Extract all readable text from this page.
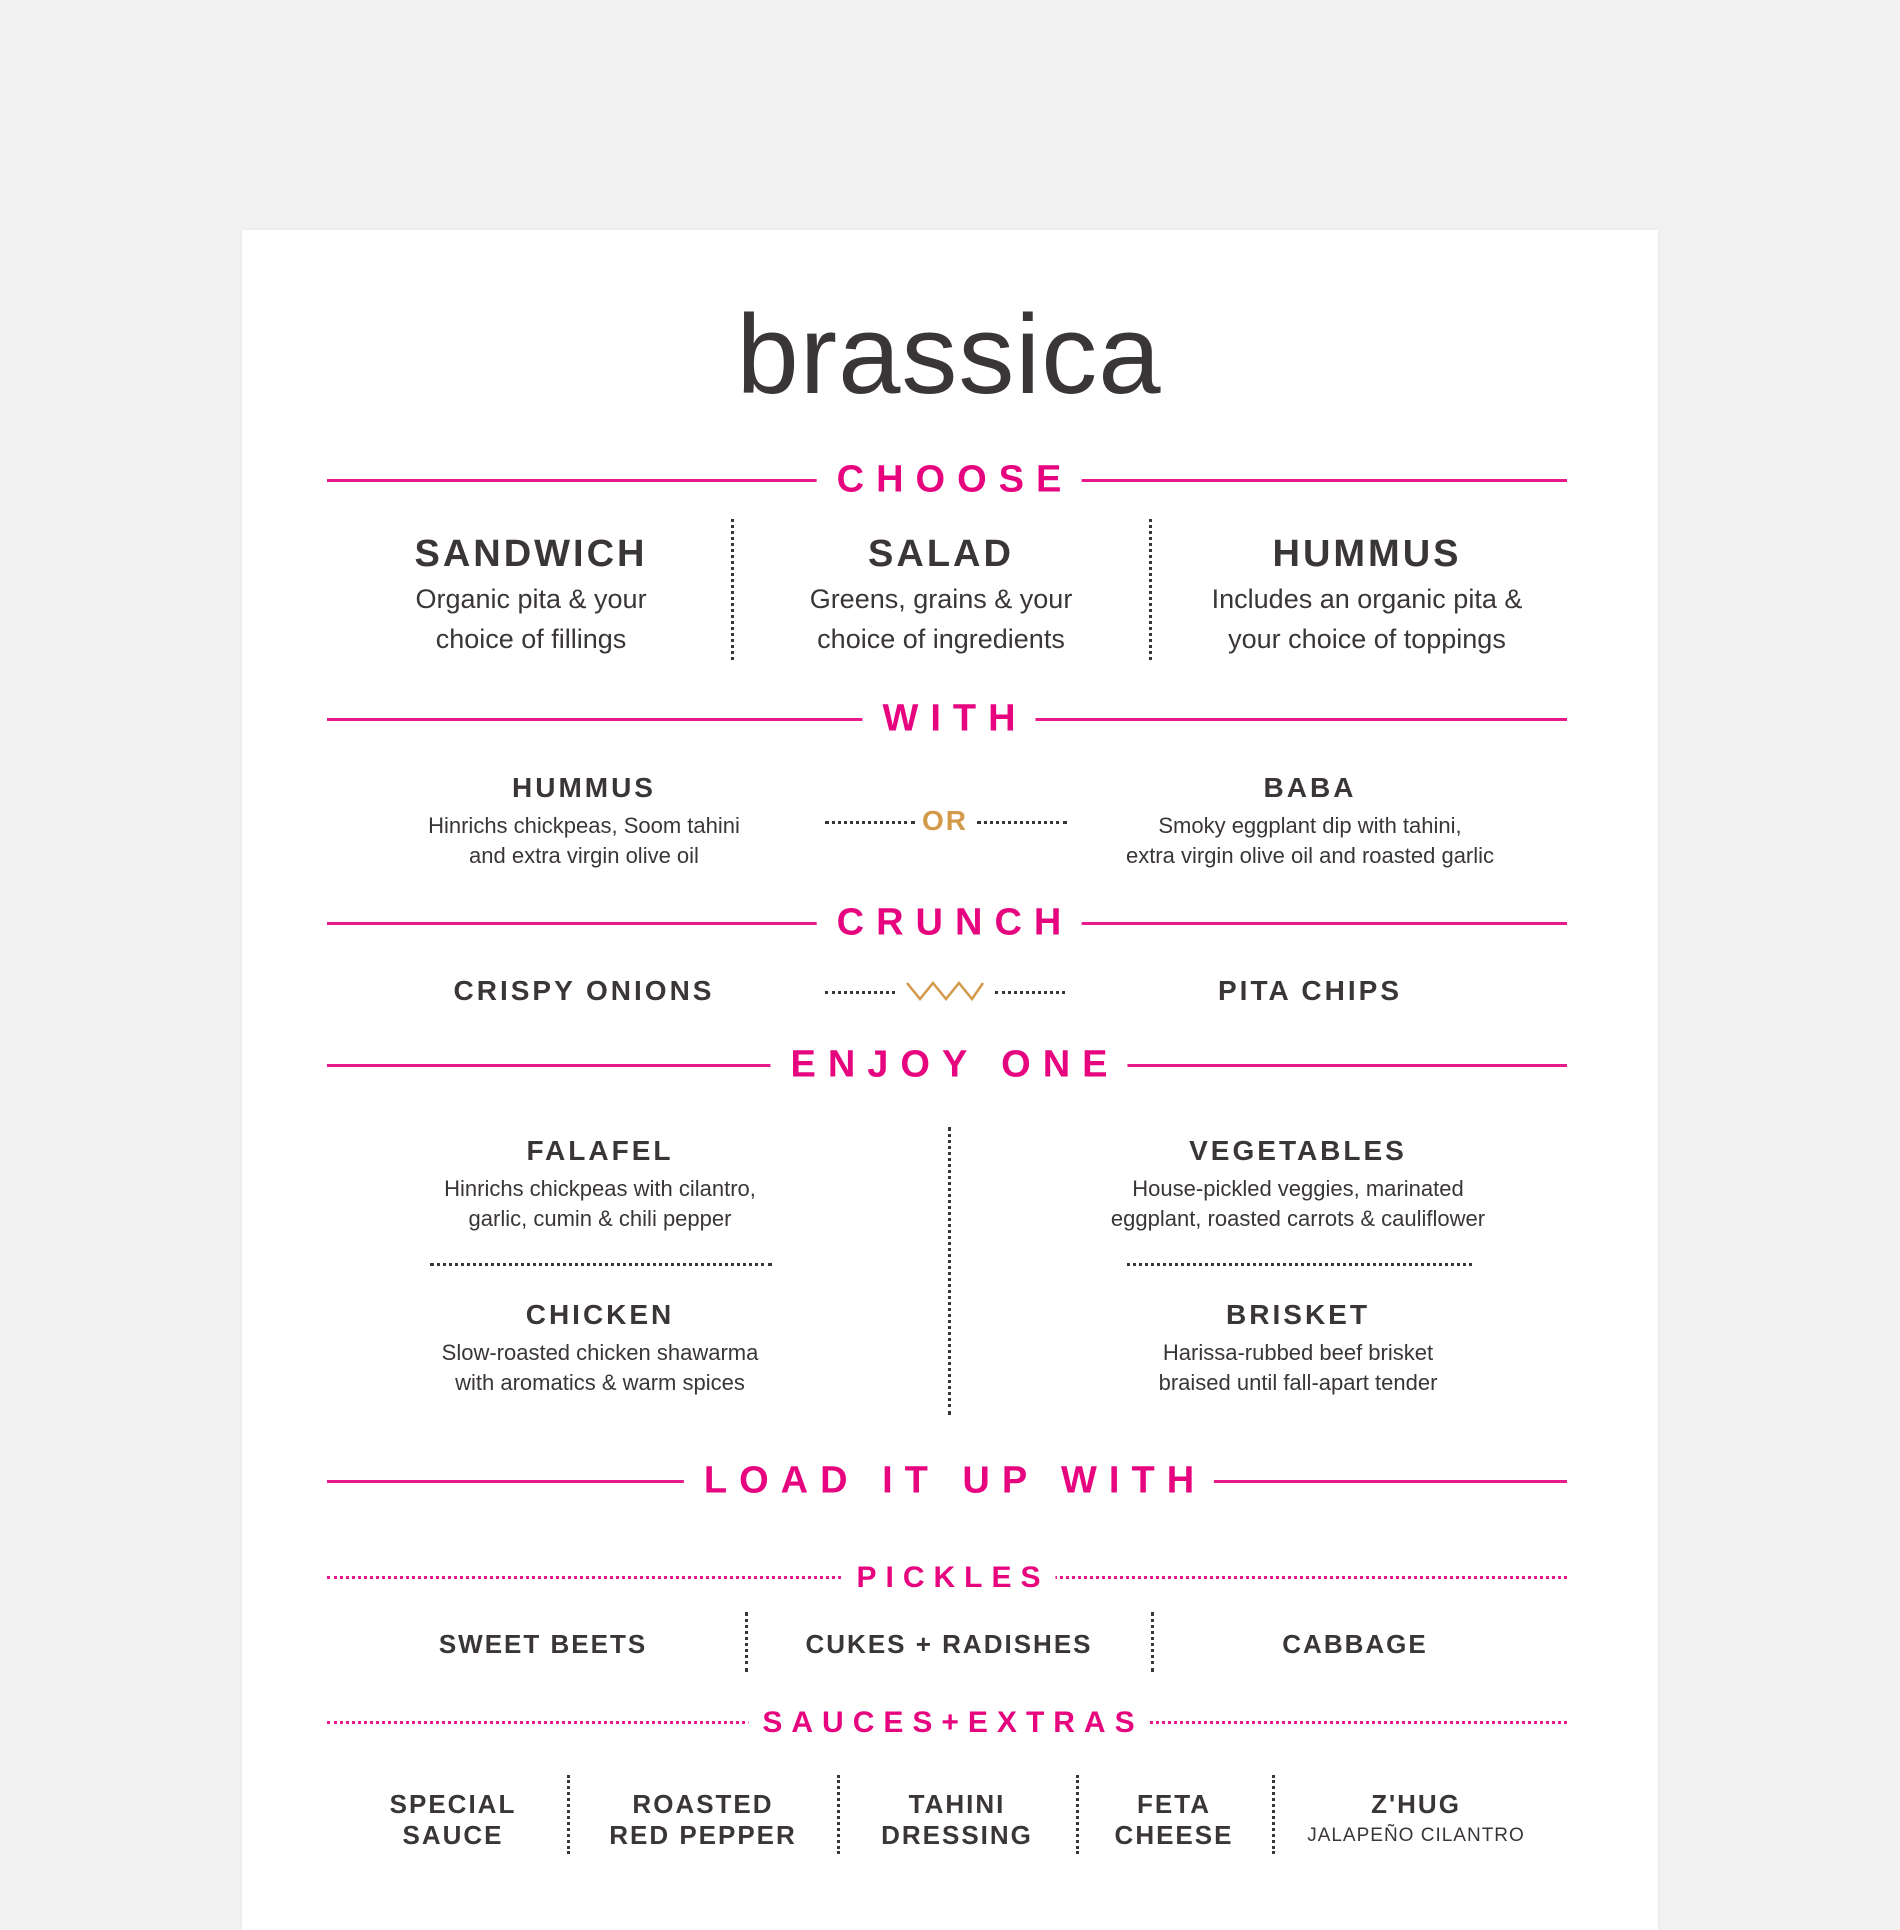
brassica
CHOOSE
SANDWICH
Organic pita & your
choice of fillings
SALAD
Greens, grains & your
choice of ingredients
HUMMUS
Includes an organic pita &
your choice of toppings
WITH
HUMMUS
Hinrichs chickpeas, Soom tahini
and extra virgin olive oil
BABA
Smoky eggplant dip with tahini,
extra virgin olive oil and roasted garlic
OR
CRUNCH
CRISPY ONIONS	PITA CHIPS
ENJOY ONE
FALAFEL
Hinrichs chickpeas with cilantro,
garlic, cumin & chili pepper
VEGETABLES
House-pickled veggies, marinated
eggplant, roasted carrots & cauliflower
CHICKEN
Slow-roasted chicken shawarma
with aromatics & warm spices
BRISKET
Harissa-rubbed beef brisket
braised until fall-apart tender
LOAD IT UP WITH
PICKLES
SWEET BEETS	CUKES + RADISHES	CABBAGE
SAUCES+EXTRAS
SPECIAL
SAUCE
ROASTED
RED PEPPER
TAHINI
DRESSING
FETA
CHEESE
Z'HUG
JALAPEÑO CILANTRO
